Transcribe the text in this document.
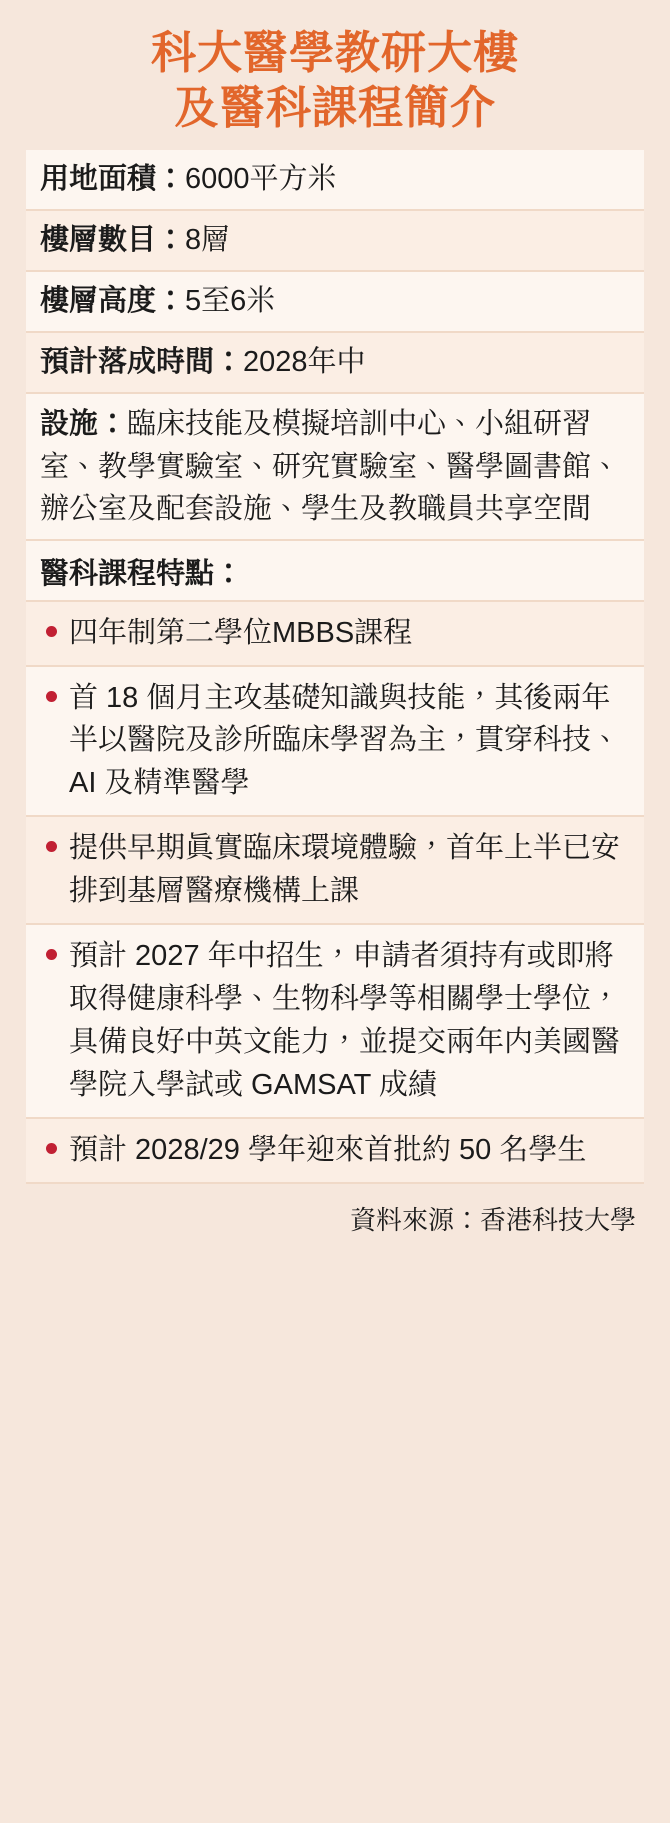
科大醫學教研大樓
及醫科課程簡介
用地面積：6000平方米
樓層數目：8層
樓層高度：5至6米
預計落成時間：2028年中
設施：臨床技能及模擬培訓中心、小組研習室、教學實驗室、研究實驗室、醫學圖書館、辦公室及配套設施、學生及教職員共享空間
醫科課程特點：
四年制第二學位MBBS課程
首 18 個月主攻基礎知識與技能，其後兩年半以醫院及診所臨床學習為主，貫穿科技、AI 及精準醫學
提供早期眞實臨床環境體驗，首年上半已安排到基層醫療機構上課
預計 2027 年中招生，申請者須持有或即將取得健康科學、生物科學等相關學士學位，具備良好中英文能力，並提交兩年内美國醫學院入學試或 GAMSAT 成績
預計 2028/29 學年迎來首批約 50 名學生
資料來源：香港科技大學
